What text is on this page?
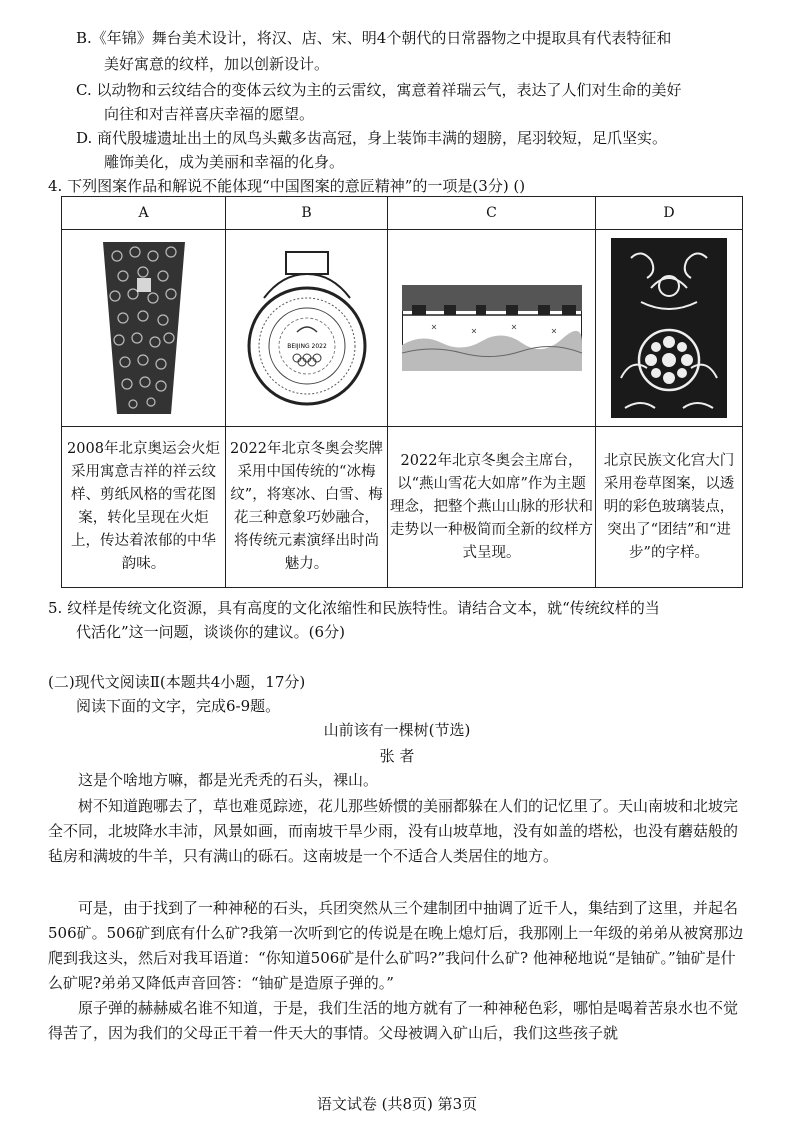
B.《年锦》舞台美术设计，将汉、店、宋、明4个朝代的日常器物之中提取具有代表特征和
美好寓意的纹样，加以创新设计。
C. 以动物和云纹结合的变体云纹为主的云雷纹，寓意着祥瑞云气，表达了人们对生命的美好
向往和对吉祥喜庆幸福的愿望。
D. 商代殷墟遗址出土的凤鸟头戴多齿高冠，身上装饰丰满的翅膀，尾羽较短，足爪坚实。
雕饰美化，成为美丽和幸福的化身。
4. 下列图案作品和解说不能体现“中国图案的意匠精神”的一项是(3分) ()
A	B	C	D

BEIJING 2022

2008年北京奥运会火炬采用寓意吉祥的祥云纹样、剪纸风格的雪花图案，转化呈现在火炬上，传达着浓郁的中华韵味。	2022年北京冬奥会奖牌采用中国传统的“冰梅纹”，将寒冰、白雪、梅花三种意象巧妙融合，将传统元素演绎出时尚魅力。	2022年北京冬奥会主席台，以“燕山雪花大如席”作为主题理念，把整个燕山山脉的形状和走势以一种极简而全新的纹样方式呈现。	北京民族文化宫大门采用卷草图案，以透明的彩色玻璃装点，突出了“团结”和“进步”的字样。
5. 纹样是传统文化资源，具有高度的文化浓缩性和民族特性。请结合文本，就“传统纹样的当
代活化”这一问题，谈谈你的建议。(6分)
(二)现代文阅读Ⅱ(本题共4小题，17分)
阅读下面的文字，完成6-9题。
山前该有一棵树(节选)
张 者
这是个啥地方嘛，都是光秃秃的石头，裸山。
树不知道跑哪去了，草也难觅踪迹，花儿那些娇惯的美丽都躲在人们的记忆里了。天山南坡和北坡完全不同，北坡降水丰沛，风景如画，而南坡干旱少雨，没有山坡草地，没有如盖的塔松，也没有蘑菇般的毡房和满坡的牛羊，只有满山的砾石。这南坡是一个不适合人类居住的地方。
可是，由于找到了一种神秘的石头，兵团突然从三个建制团中抽调了近千人，集结到了这里，并起名506矿。506矿到底有什么矿?我第一次听到它的传说是在晚上熄灯后，我那刚上一年级的弟弟从被窝那边爬到我这头，然后对我耳语道：“你知道506矿是什么矿吗?”我问什么矿? 他神秘地说“是铀矿。”铀矿是什么矿呢?弟弟又降低声音回答：“铀矿是造原子弹的。”
原子弹的赫赫威名谁不知道，于是，我们生活的地方就有了一种神秘色彩，哪怕是喝着苦泉水也不觉得苦了，因为我们的父母正干着一件天大的事情。父母被调入矿山后，我们这些孩子就
语文试卷 (共8页) 第3页
